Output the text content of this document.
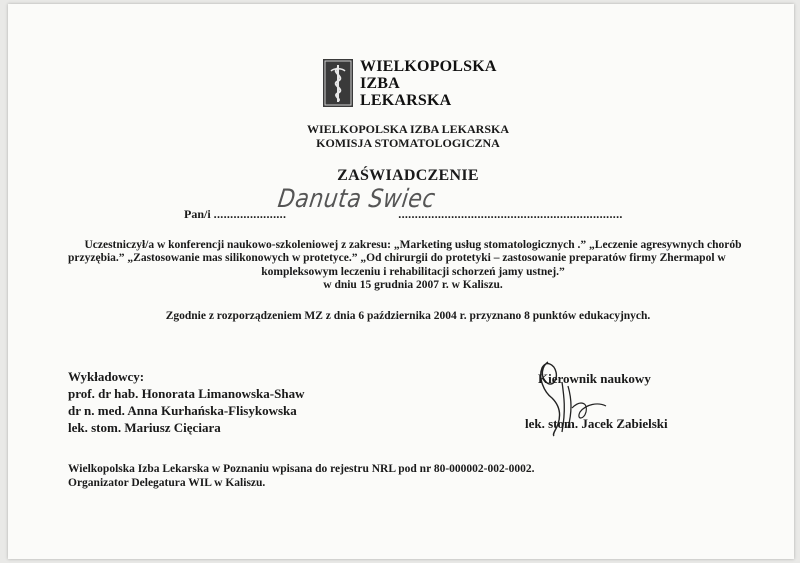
WIELKOPOLSKA
IZBA
LEKARSKA
WIELKOPOLSKA IZBA LEKARSKA
KOMISJA STOMATOLOGICZNA
ZAŚWIADCZENIE
Pan/i ......................	....................................................................
Danuta Swiec
Uczestniczył/a w konferencji naukowo-szkoleniowej z zakresu: „Marketing usług stomatologicznych .” „Leczenie agresywnych chorób
przyzębia.” „Zastosowanie mas silikonowych w protetyce.” „Od chirurgii do protetyki – zastosowanie preparatów firmy Zhermapol w
kompleksowym leczeniu i rehabilitacji schorzeń jamy ustnej.”
w dniu 15 grudnia 2007 r. w Kaliszu.
Zgodnie z rozporządzeniem MZ z dnia 6 października 2004 r. przyznano 8 punktów edukacyjnych.
Wykładowcy:
prof. dr hab. Honorata Limanowska-Shaw
dr n. med. Anna Kurhańska-Flisykowska
lek. stom. Mariusz Cięciara
Kierownik naukowy
lek. stom. Jacek Zabielski
Wielkopolska Izba Lekarska w Poznaniu wpisana do rejestru NRL pod nr 80-000002-002-0002.
Organizator Delegatura WIL w Kaliszu.
